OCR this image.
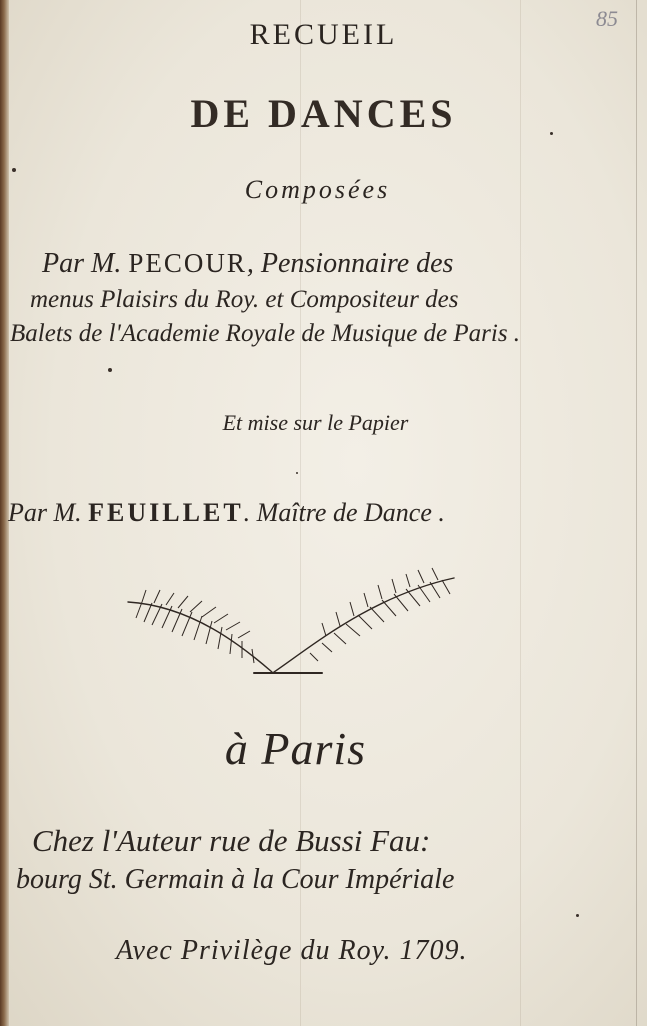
85
RECUEIL
DE DANCES
Composées
Par M. PECOUR, Pensionnaire des
menus Plaisirs du Roy. et Compositeur des
Balets de l'Academie Royale de Musique de Paris .
Et mise sur le Papier
Par M. FEUILLET. Maître de Dance .
à Paris
Chez l'Auteur rue de Bussi Fau:
bourg St. Germain à la Cour Impériale
Avec Privilège du Roy. 1709.
